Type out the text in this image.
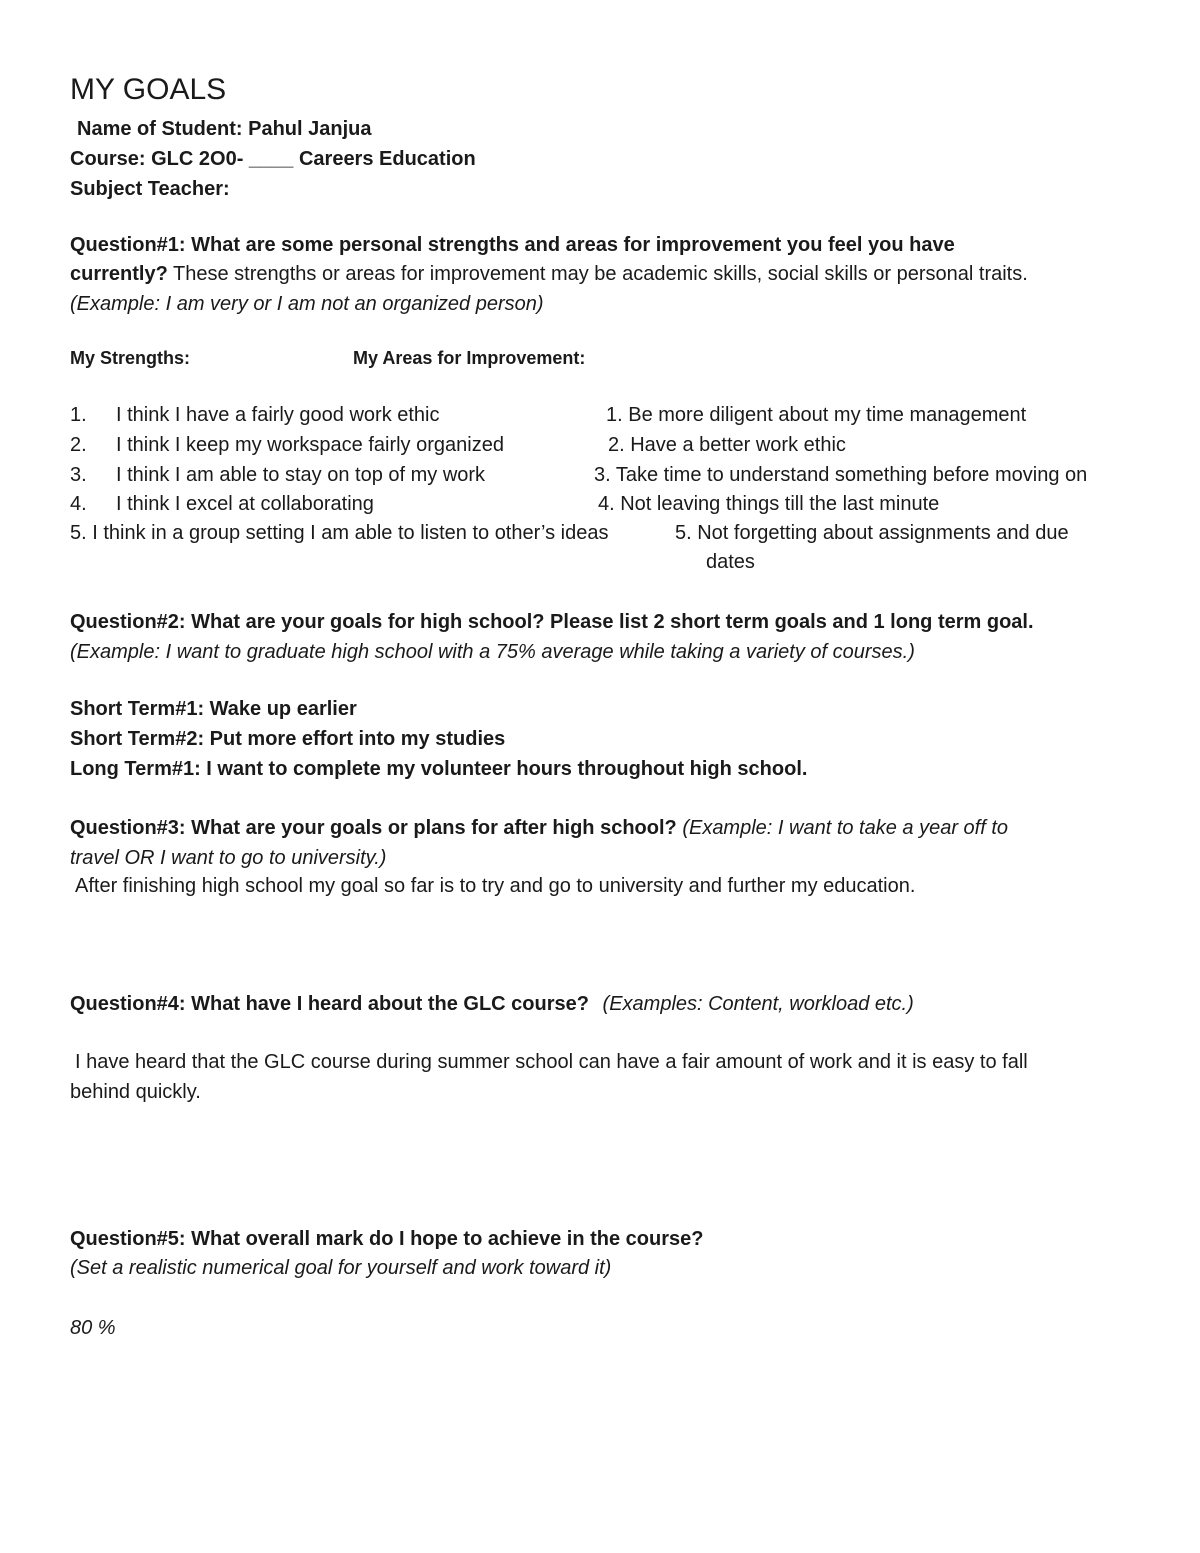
MY GOALS
Name of Student: Pahul Janjua
Course: GLC 2O0- ____ Careers Education
Subject Teacher:
Question#1: What are some personal strengths and areas for improvement you feel you have
currently? These strengths or areas for improvement may be academic skills, social skills or personal traits.
(Example: I am very or I am not an organized person)
My Strengths:	My Areas for Improvement:
1. I think I have a fairly good work ethic
2. I think I keep my workspace fairly organized
3. I think I am able to stay on top of my work
4. I think I excel at collaborating
5. I think in a group setting I am able to listen to other’s ideas
1. Be more diligent about my time management
2. Have a better work ethic
3. Take time to understand something before moving on
4. Not leaving things till the last minute
5. Not forgetting about assignments and due
dates
Question#2: What are your goals for high school? Please list 2 short term goals and 1 long term goal.
(Example: I want to graduate high school with a 75% average while taking a variety of courses.)
Short Term#1: Wake up earlier
Short Term#2: Put more effort into my studies
Long Term#1: I want to complete my volunteer hours throughout high school.
Question#3: What are your goals or plans for after high school? (Example: I want to take a year off to
travel OR I want to go to university.)
After finishing high school my goal so far is to try and go to university and further my education.
Question#4: What have I heard about the GLC course? (Examples: Content, workload etc.)
I have heard that the GLC course during summer school can have a fair amount of work and it is easy to fall
behind quickly.
Question#5: What overall mark do I hope to achieve in the course?
(Set a realistic numerical goal for yourself and work toward it)
80 %
